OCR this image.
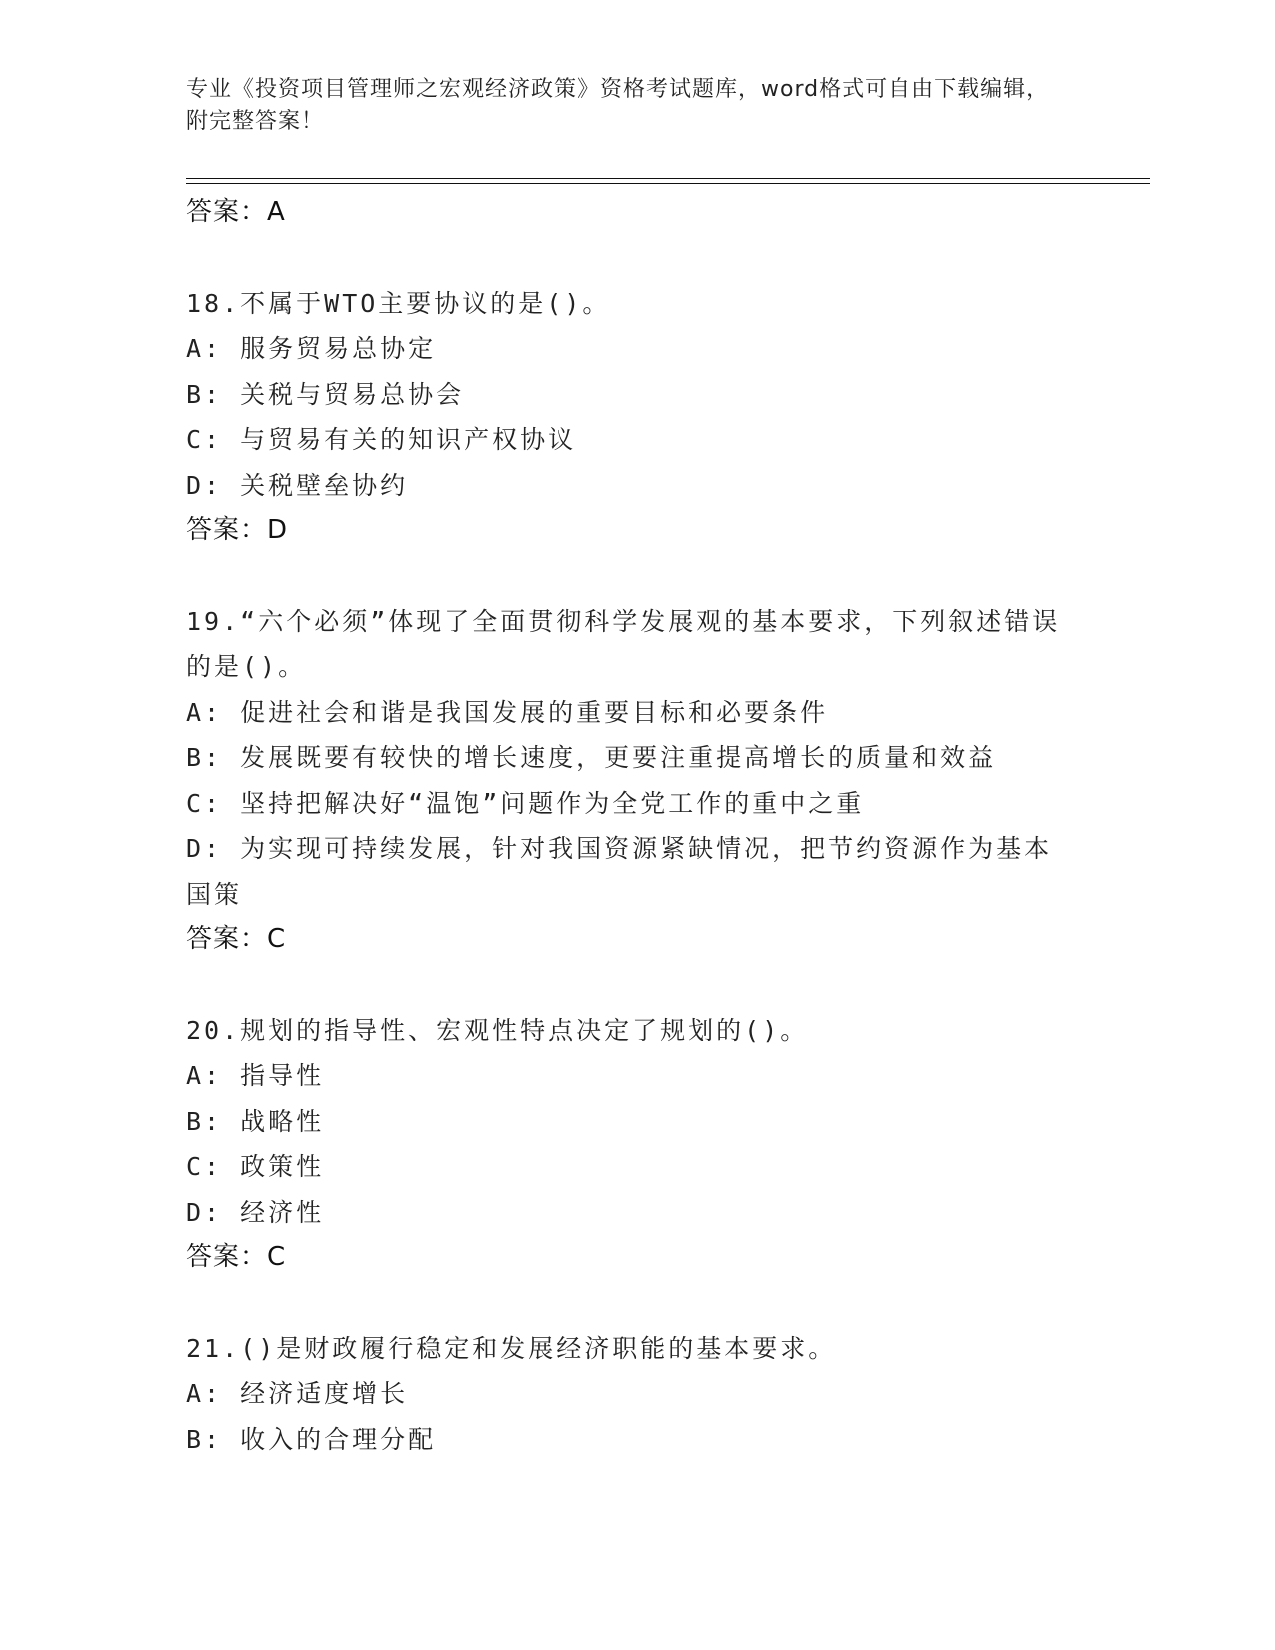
专业《投资项目管理师之宏观经济政策》资格考试题库，word格式可自由下载编辑，附完整答案！
答案：A
18.不属于WTO主要协议的是()。
A: 服务贸易总协定
B: 关税与贸易总协会
C: 与贸易有关的知识产权协议
D: 关税壁垒协约
答案：D
19.“六个必须”体现了全面贯彻科学发展观的基本要求，下列叙述错误的是()。
A: 促进社会和谐是我国发展的重要目标和必要条件
B: 发展既要有较快的增长速度，更要注重提高增长的质量和效益
C: 坚持把解决好“温饱”问题作为全党工作的重中之重
D: 为实现可持续发展，针对我国资源紧缺情况，把节约资源作为基本国策
答案：C
20.规划的指导性、宏观性特点决定了规划的()。
A: 指导性
B: 战略性
C: 政策性
D: 经济性
答案：C
21.()是财政履行稳定和发展经济职能的基本要求。
A: 经济适度增长
B: 收入的合理分配
